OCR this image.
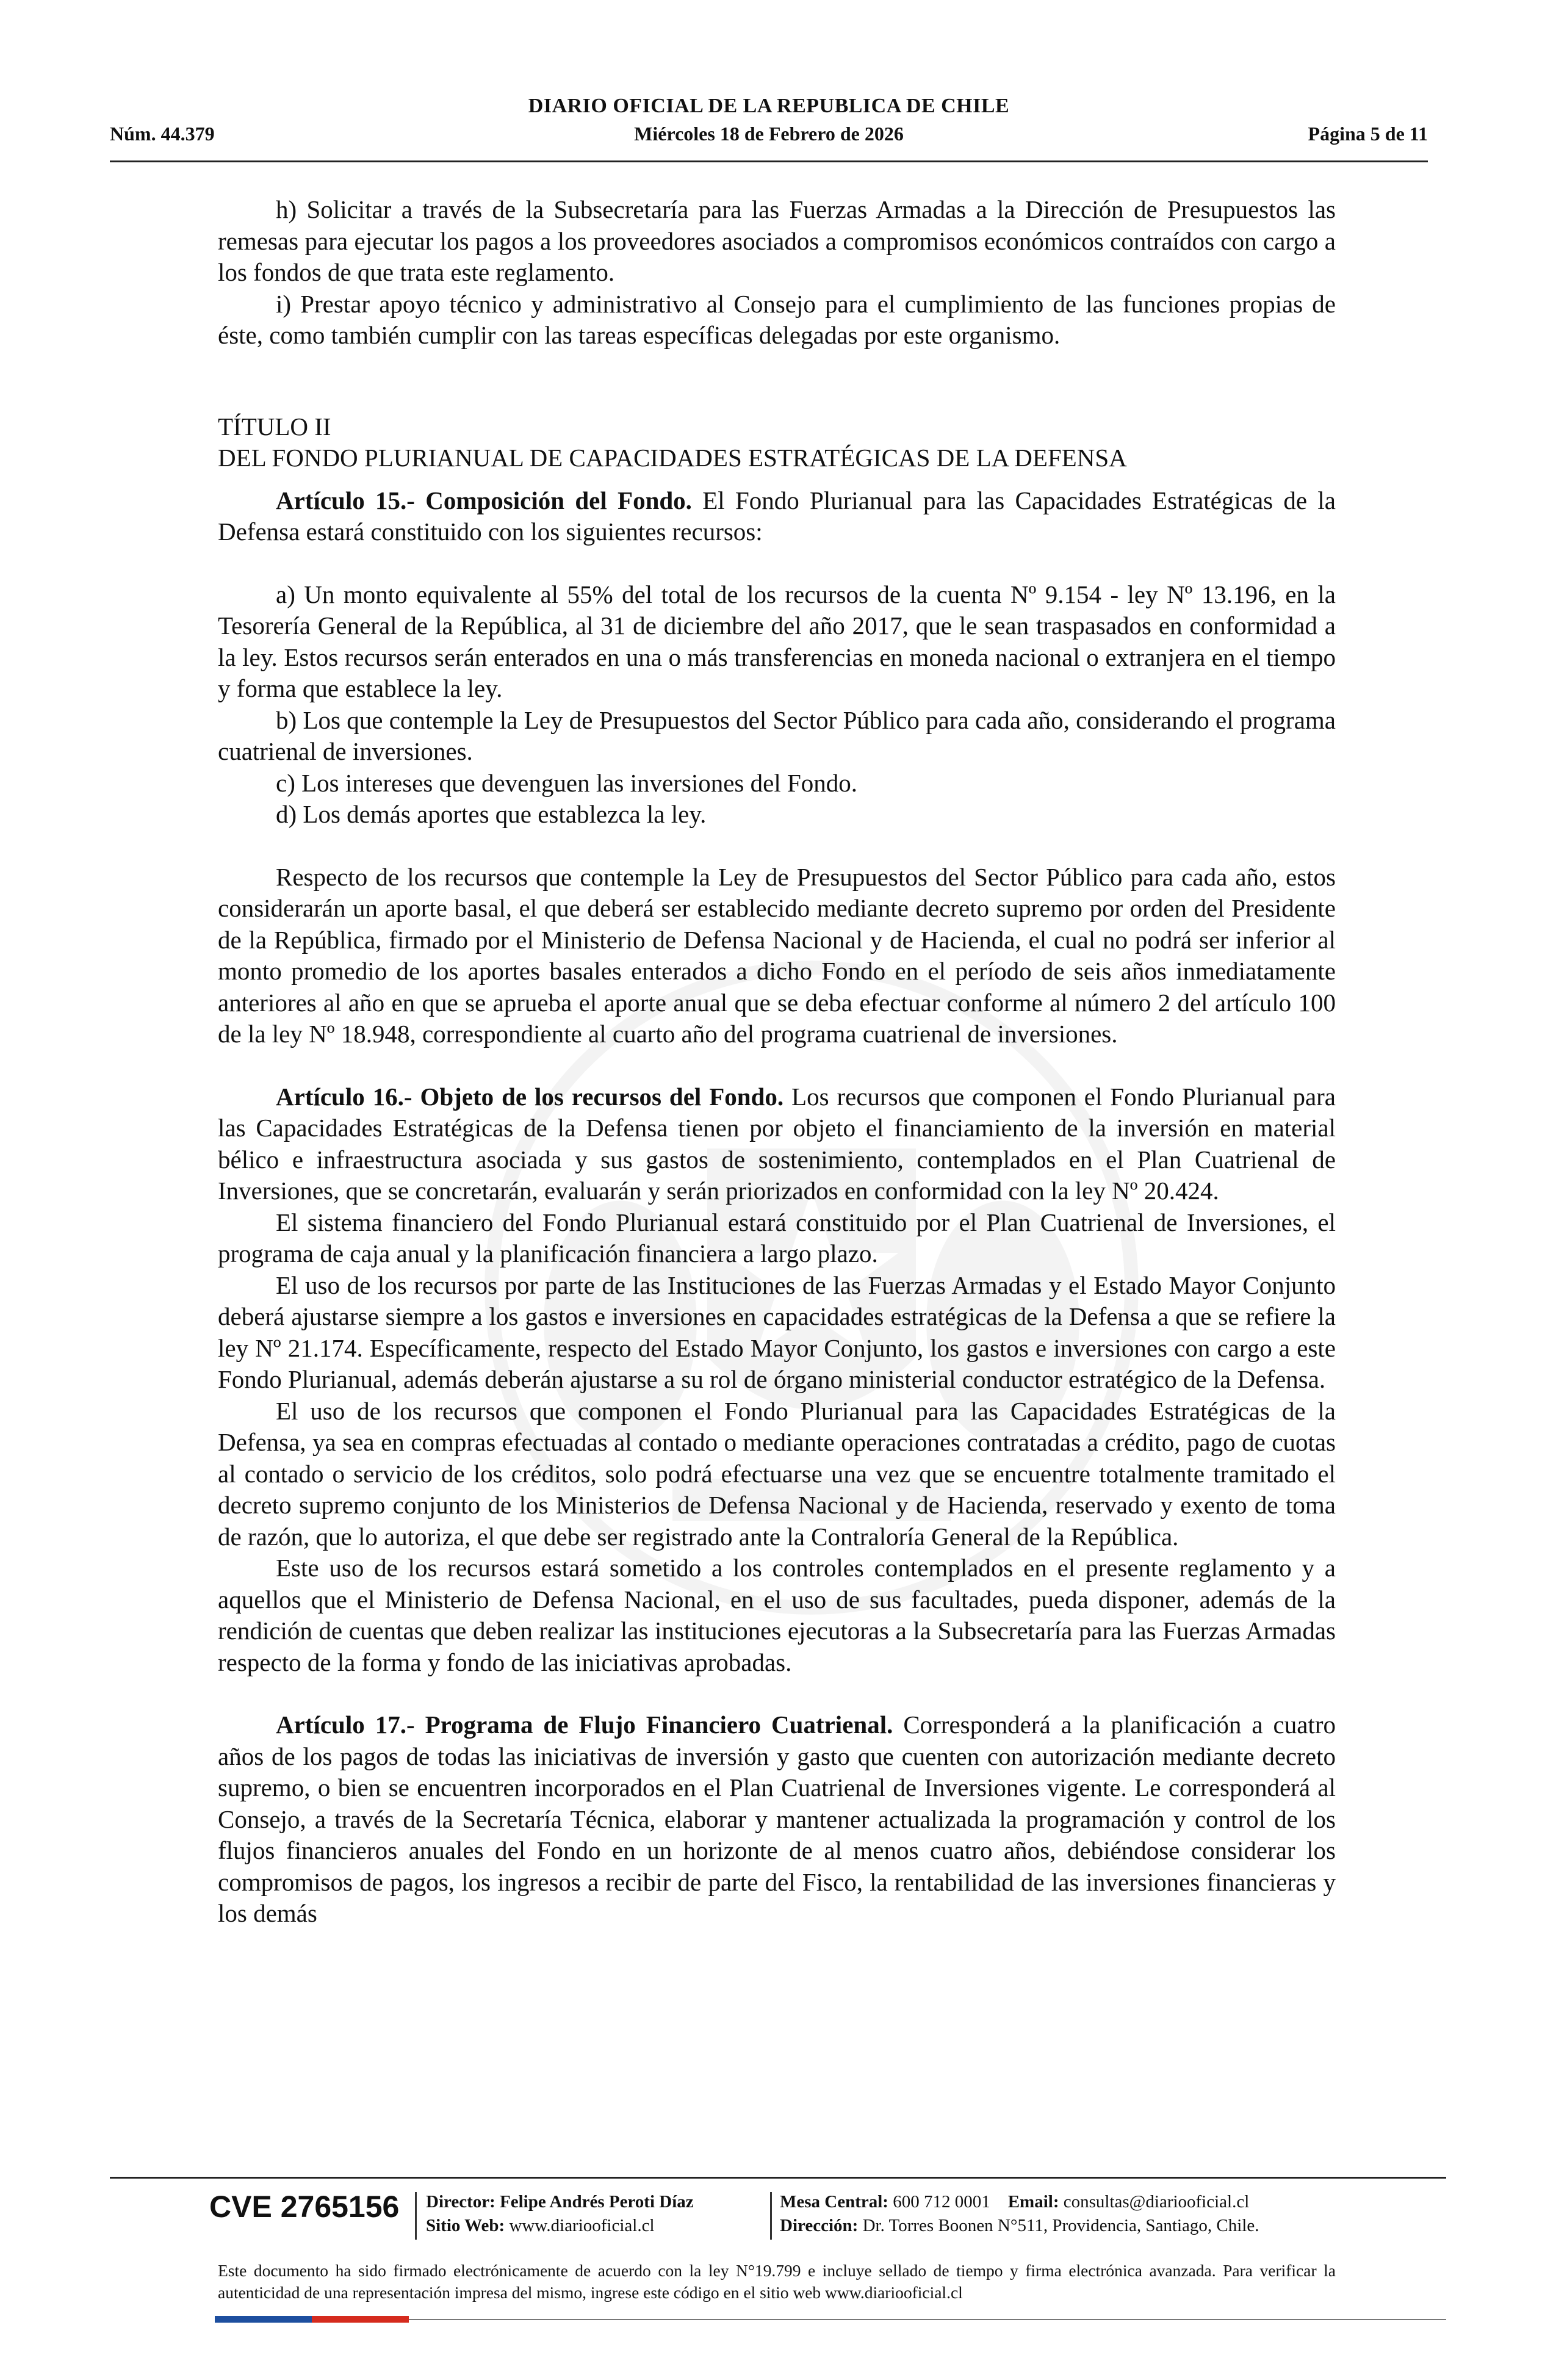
DIARIO OFICIAL DE LA REPUBLICA DE CHILE
Núm. 44.379	Miércoles 18 de Febrero de 2026	Página 5 de 11

h) Solicitar a través de la Subsecretaría para las Fuerzas Armadas a la Dirección de Presupuestos las remesas para ejecutar los pagos a los proveedores asociados a compromisos económicos contraídos con cargo a los fondos de que trata este reglamento.

i) Prestar apoyo técnico y administrativo al Consejo para el cumplimiento de las funciones propias de éste, como también cumplir con las tareas específicas delegadas por este organismo.

TÍTULO II

DEL FONDO PLURIANUAL DE CAPACIDADES ESTRATÉGICAS DE LA DEFENSA

Artículo 15.- Composición del Fondo. El Fondo Plurianual para las Capacidades Estratégicas de la Defensa estará constituido con los siguientes recursos:

a) Un monto equivalente al 55% del total de los recursos de la cuenta Nº 9.154 - ley Nº 13.196, en la Tesorería General de la República, al 31 de diciembre del año 2017, que le sean traspasados en conformidad a la ley. Estos recursos serán enterados en una o más transferencias en moneda nacional o extranjera en el tiempo y forma que establece la ley.

b) Los que contemple la Ley de Presupuestos del Sector Público para cada año, considerando el programa cuatrienal de inversiones.

c) Los intereses que devenguen las inversiones del Fondo.

d) Los demás aportes que establezca la ley.

Respecto de los recursos que contemple la Ley de Presupuestos del Sector Público para cada año, estos considerarán un aporte basal, el que deberá ser establecido mediante decreto supremo por orden del Presidente de la República, firmado por el Ministerio de Defensa Nacional y de Hacienda, el cual no podrá ser inferior al monto promedio de los aportes basales enterados a dicho Fondo en el período de seis años inmediatamente anteriores al año en que se aprueba el aporte anual que se deba efectuar conforme al número 2 del artículo 100 de la ley Nº 18.948, correspondiente al cuarto año del programa cuatrienal de inversiones.

Artículo 16.- Objeto de los recursos del Fondo. Los recursos que componen el Fondo Plurianual para las Capacidades Estratégicas de la Defensa tienen por objeto el financiamiento de la inversión en material bélico e infraestructura asociada y sus gastos de sostenimiento, contemplados en el Plan Cuatrienal de Inversiones, que se concretarán, evaluarán y serán priorizados en conformidad con la ley Nº 20.424.

El sistema financiero del Fondo Plurianual estará constituido por el Plan Cuatrienal de Inversiones, el programa de caja anual y la planificación financiera a largo plazo.

El uso de los recursos por parte de las Instituciones de las Fuerzas Armadas y el Estado Mayor Conjunto deberá ajustarse siempre a los gastos e inversiones en capacidades estratégicas de la Defensa a que se refiere la ley Nº 21.174. Específicamente, respecto del Estado Mayor Conjunto, los gastos e inversiones con cargo a este Fondo Plurianual, además deberán ajustarse a su rol de órgano ministerial conductor estratégico de la Defensa.

El uso de los recursos que componen el Fondo Plurianual para las Capacidades Estratégicas de la Defensa, ya sea en compras efectuadas al contado o mediante operaciones contratadas a crédito, pago de cuotas al contado o servicio de los créditos, solo podrá efectuarse una vez que se encuentre totalmente tramitado el decreto supremo conjunto de los Ministerios de Defensa Nacional y de Hacienda, reservado y exento de toma de razón, que lo autoriza, el que debe ser registrado ante la Contraloría General de la República.

Este uso de los recursos estará sometido a los controles contemplados en el presente reglamento y a aquellos que el Ministerio de Defensa Nacional, en el uso de sus facultades, pueda disponer, además de la rendición de cuentas que deben realizar las instituciones ejecutoras a la Subsecretaría para las Fuerzas Armadas respecto de la forma y fondo de las iniciativas aprobadas.

Artículo 17.- Programa de Flujo Financiero Cuatrienal. Corresponderá a la planificación a cuatro años de los pagos de todas las iniciativas de inversión y gasto que cuenten con autorización mediante decreto supremo, o bien se encuentren incorporados en el Plan Cuatrienal de Inversiones vigente. Le corresponderá al Consejo, a través de la Secretaría Técnica, elaborar y mantener actualizada la programación y control de los flujos financieros anuales del Fondo en un horizonte de al menos cuatro años, debiéndose considerar los compromisos de pagos, los ingresos a recibir de parte del Fisco, la rentabilidad de las inversiones financieras y los demás

CVE 2765156 Director: Felipe Andrés Peroti Díaz
Sitio Web: www.diariooficial.cl
Mesa Central: 600 712 0001 Email: consultas@diariooficial.cl
Dirección: Dr. Torres Boonen N°511, Providencia, Santiago, Chile.
Este documento ha sido firmado electrónicamente de acuerdo con la ley N°19.799 e incluye sellado de tiempo y firma electrónica avanzada. Para verificar la autenticidad de una representación impresa del mismo, ingrese este código en el sitio web www.diariooficial.cl
